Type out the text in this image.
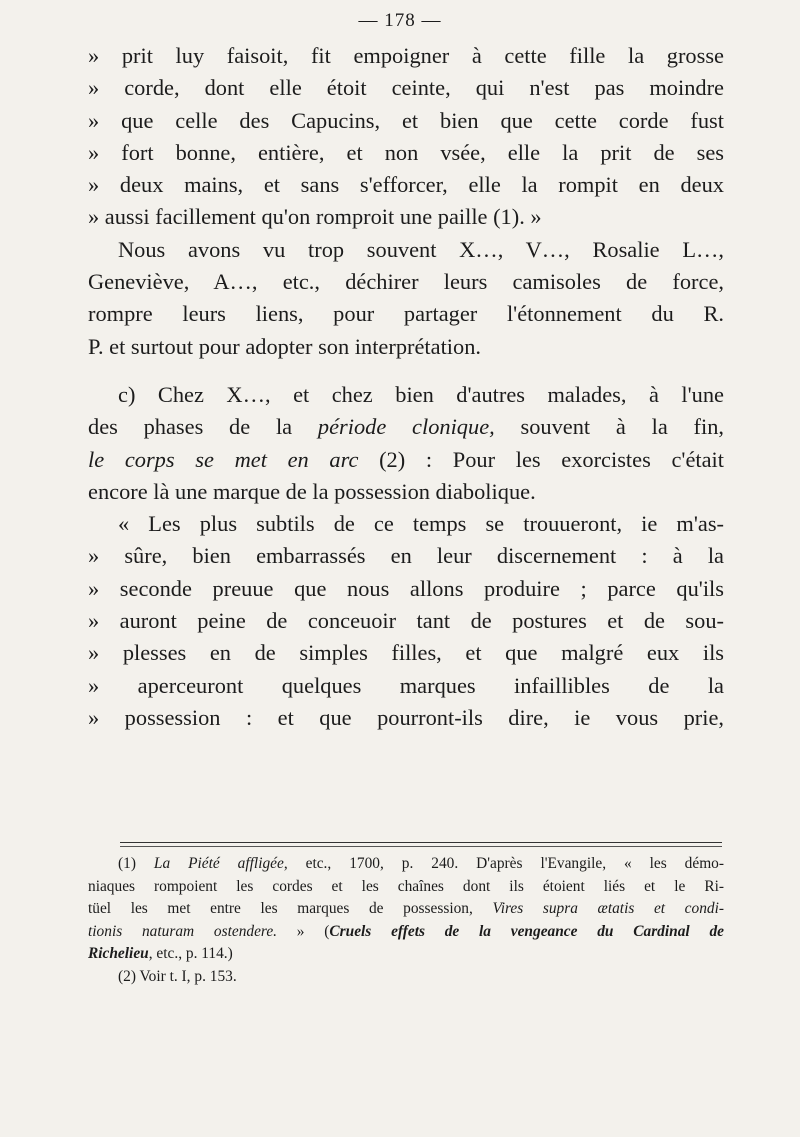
— 178 —
» prit luy faisoit, fit empoigner à cette fille la grosse
» corde, dont elle étoit ceinte, qui n'est pas moindre
» que celle des Capucins, et bien que cette corde fust
» fort bonne, entière, et non vsée, elle la prit de ses
» deux mains, et sans s'efforcer, elle la rompit en deux
» aussi facillement qu'on romproit une paille (1). »
Nous avons vu trop souvent X…, V…, Rosalie L…,
Geneviève, A…, etc., déchirer leurs camisoles de force,
rompre leurs liens, pour partager l'étonnement du R.
P. et surtout pour adopter son interprétation.
c) Chez X…, et chez bien d'autres malades, à l'une
des phases de la période clonique, souvent à la fin,
le corps se met en arc (2) : Pour les exorcistes c'était
encore là une marque de la possession diabolique.
« Les plus subtils de ce temps se trouueront, ie m'as-
» sûre, bien embarrassés en leur discernement : à la
» seconde preuue que nous allons produire ; parce qu'ils
» auront peine de conceuoir tant de postures et de sou-
» plesses en de simples filles, et que malgré eux ils
» aperceuront quelques marques infaillibles de la
» possession : et que pourront-ils dire, ie vous prie,
(1) La Piété affligée, etc., 1700, p. 240. D'après l'Evangile, « les démo-
niaques rompoient les cordes et les chaînes dont ils étoient liés et le Ri-
tüel les met entre les marques de possession, Vires supra ætatis et condi-
tionis naturam ostendere. » (Cruels effets de la vengeance du Cardinal de
Richelieu, etc., p. 114.)
(2) Voir t. I, p. 153.
